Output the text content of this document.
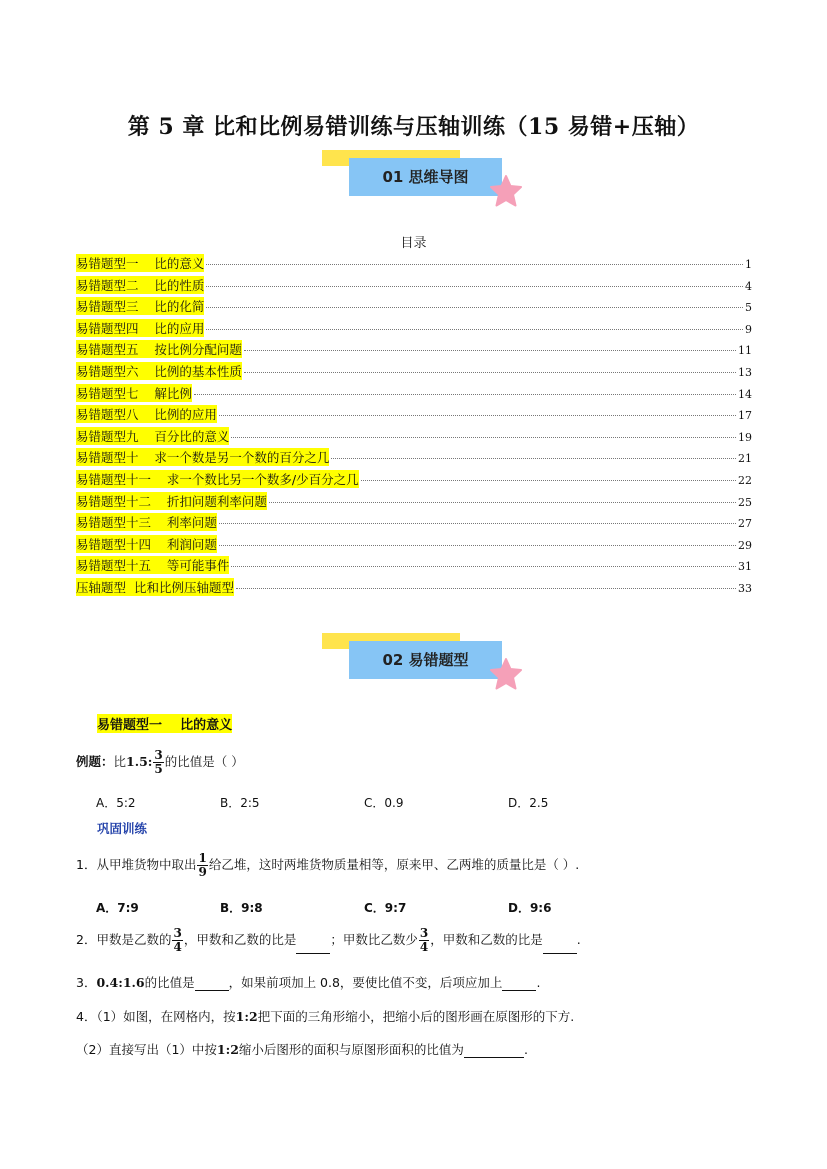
第 5 章 比和比例易错训练与压轴训练（15 易错+压轴）
01 思维导图
目录
易错题型一    比的意义	1
易错题型二    比的性质	4
易错题型三    比的化简	5
易错题型四    比的应用	9
易错题型五    按比例分配问题	11
易错题型六    比例的基本性质	13
易错题型七    解比例	14
易错题型八    比例的应用	17
易错题型九    百分比的意义	19
易错题型十    求一个数是另一个数的百分之几	21
易错题型十一    求一个数比另一个数多/少百分之几	22
易错题型十二    折扣问题利率问题	25
易错题型十三    利率问题	27
易错题型十四    利润问题	29
易错题型十五    等可能事件	31
压轴题型  比和比例压轴题型	33
02 易错题型
易错题型一    比的意义
例题：比1.5: $\frac{3}{5}$ 的比值是（ ）
A．5:2	B．2:5	C．0.9	D．2.5
巩固训练
1．从甲堆货物中取出 $\frac{1}{9}$ 给乙堆，这时两堆货物质量相等，原来甲、乙两堆的质量比是（ ）.
A．7:9	B．9:8	C．9:7	D．9:6
2．甲数是乙数的 $\frac{3}{4}$ ，甲数和乙数的比是	；甲数比乙数少 $\frac{3}{4}$ ，甲数和乙数的比是	.
3．0.4:1.6的比值是	，如果前项加上 0.8，要使比值不变，后项应加上	.
4．（1）如图，在网格内，按1:2把下面的三角形缩小，把缩小后的图形画在原图形的下方.
（2）直接写出（1）中按1:2缩小后图形的面积与原图形面积的比值为	.
